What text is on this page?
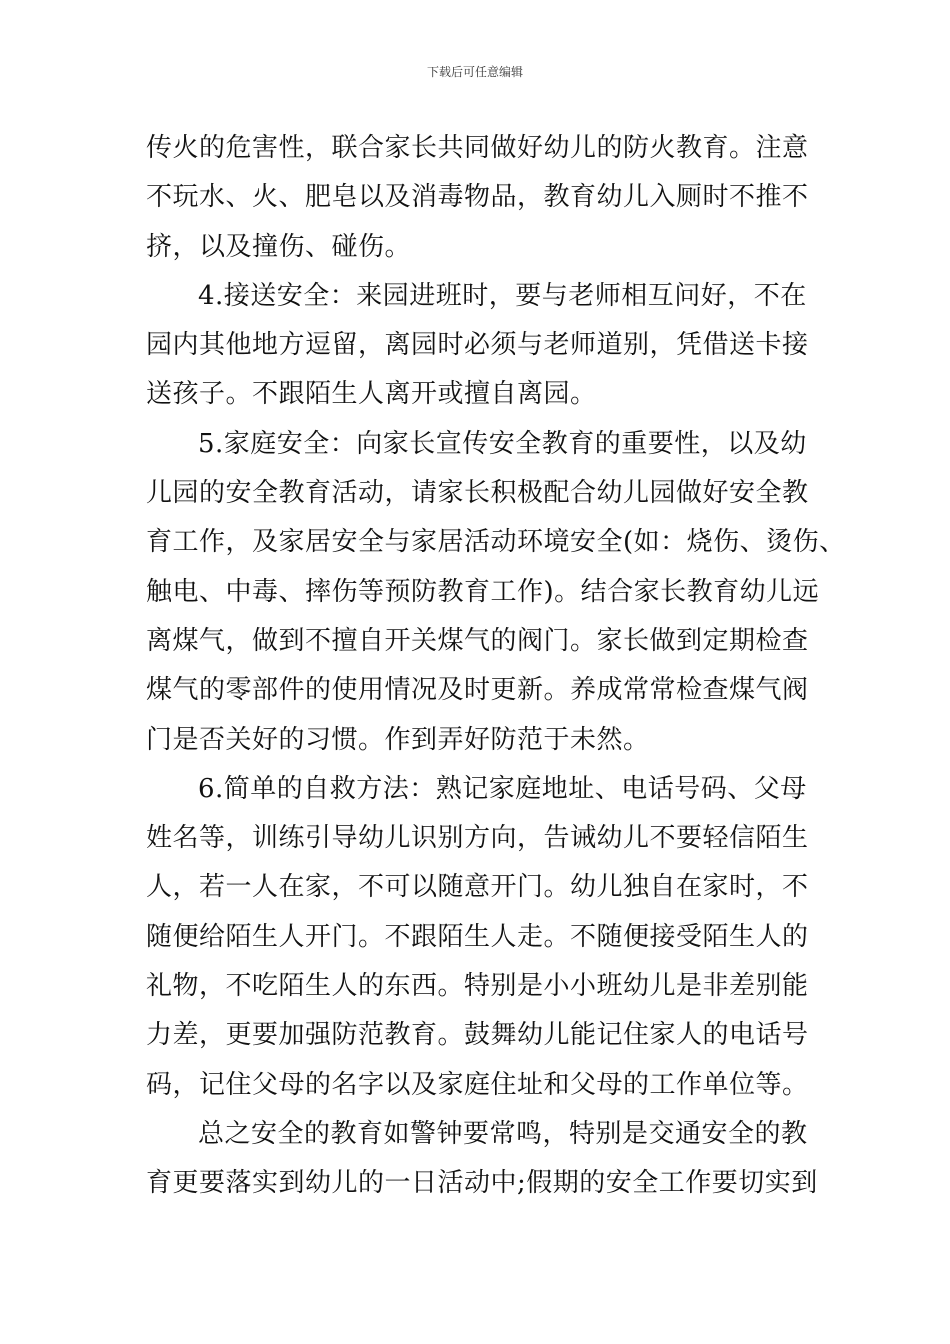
下载后可任意编辑
传火的危害性，联合家长共同做好幼儿的防火教育。注意
不玩水、火、肥皂以及消毒物品，教育幼儿入厕时不推不
挤，以及撞伤、碰伤。
4.接送安全：来园进班时，要与老师相互问好，不在
园内其他地方逗留，离园时必须与老师道别，凭借送卡接
送孩子。不跟陌生人离开或擅自离园。
5.家庭安全：向家长宣传安全教育的重要性，以及幼
儿园的安全教育活动，请家长积极配合幼儿园做好安全教
育工作，及家居安全与家居活动环境安全(如：烧伤、烫伤、
触电、中毒、摔伤等预防教育工作)。结合家长教育幼儿远
离煤气，做到不擅自开关煤气的阀门。家长做到定期检查
煤气的零部件的使用情况及时更新。养成常常检查煤气阀
门是否关好的习惯。作到弄好防范于未然。
6.简单的自救方法：熟记家庭地址、电话号码、父母
姓名等，训练引导幼儿识别方向，告诫幼儿不要轻信陌生
人，若一人在家，不可以随意开门。幼儿独自在家时，不
随便给陌生人开门。不跟陌生人走。不随便接受陌生人的
礼物，不吃陌生人的东西。特别是小小班幼儿是非差别能
力差，更要加强防范教育。鼓舞幼儿能记住家人的电话号
码，记住父母的名字以及家庭住址和父母的工作单位等。
总之安全的教育如警钟要常鸣，特别是交通安全的教
育更要落实到幼儿的一日活动中;假期的安全工作要切实到
